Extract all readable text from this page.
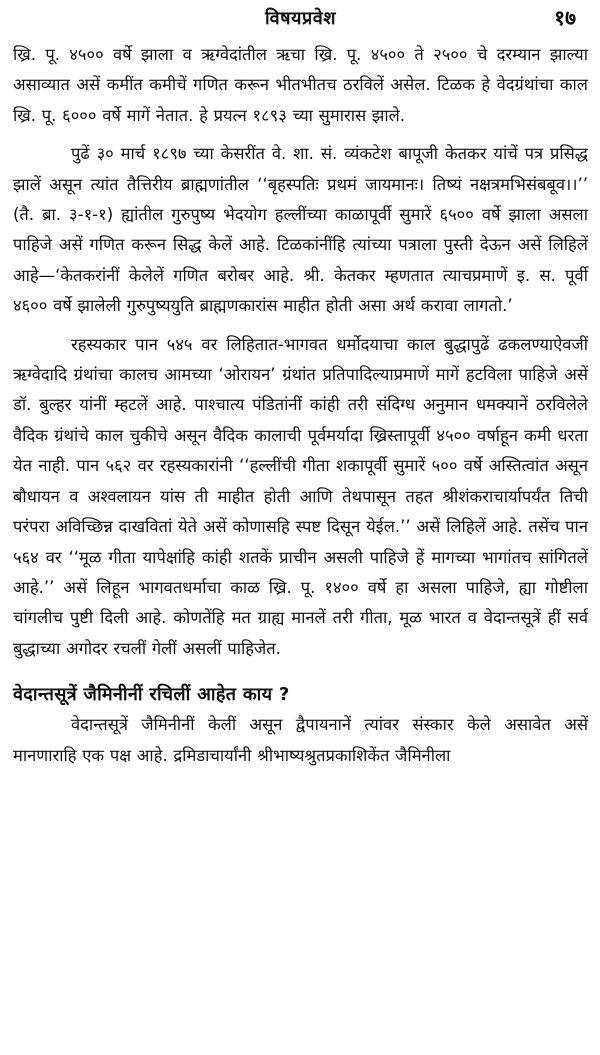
विषयप्रवेश	१७

ख्रि. पू. ४५०० वर्षे झाला व ऋग्वेदांतील ऋचा ख्रि. पू. ४५०० ते २५०० चे दरम्यान झाल्या असाव्यात असें कमींत कमीचें गणित करून भीतभीतच ठरविलें असेल. टिळक हे वेदग्रंथांचा काल ख्रि. पू. ६००० वर्षे मागें नेतात. हे प्रयत्न १८९३ च्या सुमारास झाले.

पुढें ३० मार्च १८९७ च्या केसरींत वे. शा. सं. व्यंकटेश बापूजी केतकर यांचें पत्र प्रसिद्ध झालें असून त्यांत तैत्तिरीय ब्राह्मणांतील ‘‘बृहस्पतिः प्रथमं जायमानः। तिष्यं नक्षत्रमभिसंबबूव।।’’ (तै. ब्रा. ३-१-१) ह्यांतील गुरुपुष्य भेदयोग हल्लींच्या काळापूर्वी सुमारें ६५०० वर्षे झाला असला पाहिजे असें गणित करून सिद्ध केलें आहे. टिळकांनींहि त्यांच्या पत्राला पुस्ती देऊन असें लिहिलें आहे—‘केतकरांनीं केलेलें गणित बरोबर आहे. श्री. केतकर म्हणतात त्याचप्रमाणें इ. स. पूर्वी ४६०० वर्षे झालेली गुरुपुष्ययुति ब्राह्मणकारांस माहीत होती असा अर्थ करावा लागतो.’

रहस्यकार पान ५४५ वर लिहितात-भागवत धर्मोदयाचा काल बुद्धापुढें ढकलण्याऐवजीं ऋग्वेदादि ग्रंथांचा कालच आमच्या ‘ओरायन’ ग्रंथांत प्रतिपादिल्याप्रमाणें मागें हटविला पाहिजे असें डॉ. बुल्हर यांनीं म्हटलें आहे. पाश्चात्य पंडितांनीं कांही तरी संदिग्ध अनुमान धमक्यानें ठरविलेले वैदिक ग्रंथांचे काल चुकीचे असून वैदिक कालाची पूर्वमर्यादा ख्रिस्तापूर्वी ४५०० वर्षाहून कमी धरता येत नाही. पान ५६२ वर रहस्यकारांनी ‘‘हल्लींची गीता शकापूर्वी सुमारें ५०० वर्षे अस्तित्वांत असून बौधायन व अश्वलायन यांस ती माहीत होती आणि तेथपासून तहत श्रीशंकराचार्यापर्यंत तिची परंपरा अविच्छिन्न दाखवितां येते असें कोणासहि स्पष्ट दिसून येईल.’’ असें लिहिलें आहे. तसेंच पान ५६४ वर ‘‘मूळ गीता यापेक्षांहि कांही शतकें प्राचीन असली पाहिजे हें मागच्या भागांतच सांगितलें आहे.’’ असें लिहून भागवतधर्माचा काळ ख्रि. पू. १४०० वर्षे हा असला पाहिजे, ह्या गोष्टीला चांगलीच पुष्टी दिली आहे. कोणतेंहि मत ग्राह्य मानलें तरी गीता, मूळ भारत व वेदान्तसूत्रें हीं सर्व बुद्धाच्या अगोदर रचलीं गेलीं असलीं पाहिजेत.

वेदान्तसूत्रें जैमिनीनीं रचिलीं आहेत काय ?

वेदान्तसूत्रें जैमिनीनीं केलीं असून द्वैपायनानें त्यांवर संस्कार केले असावेत असें मानणाराहि एक पक्ष आहे. द्रमिडाचार्यांनी श्रीभाष्यश्रुतप्रकाशिकेंत जैमिनीला
